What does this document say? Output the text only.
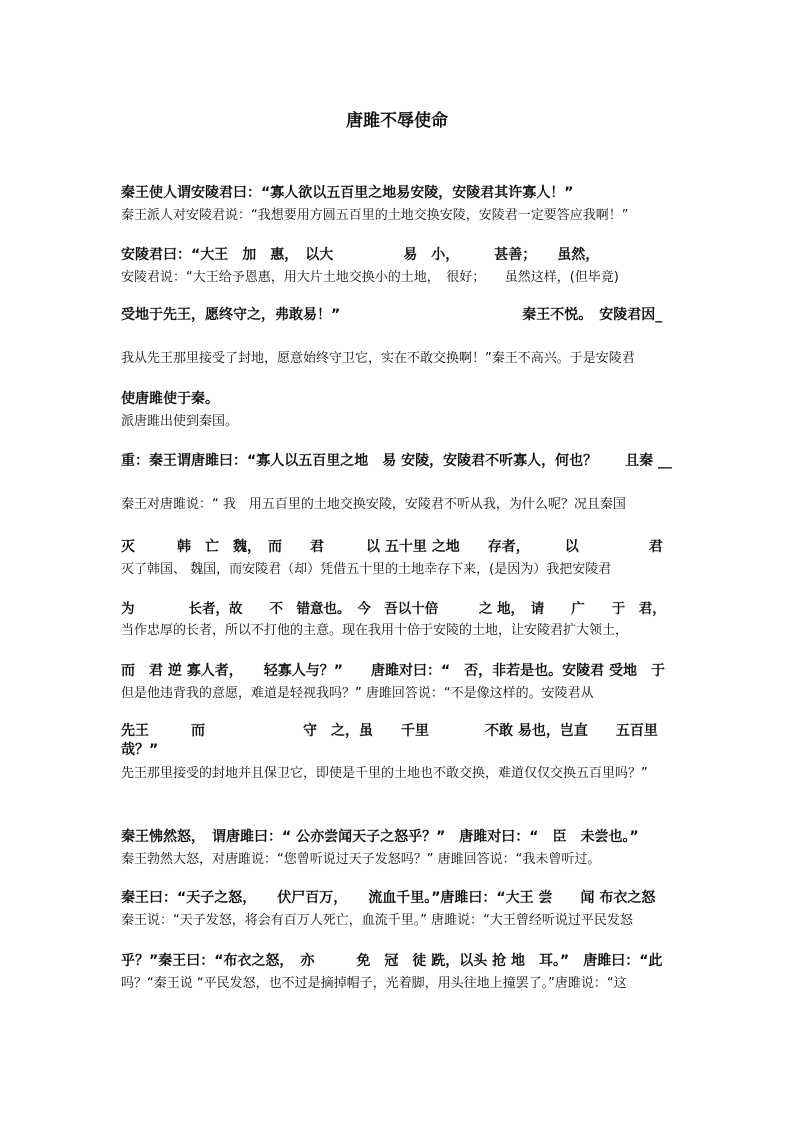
唐雎不辱使命
秦王使人谓安陵君曰：“寡人欲以五百里之地易安陵，安陵君其许寡人！”
秦王派人对安陵君说：“我想要用方圆五百里的土地交换安陵，安陵君一定要答应我啊！”
安陵君曰：“大王　加　惠，　以大　　　　　易　小，　　　甚善；　　虽然，
安陵君说：“大王给予恩惠，用大片土地交换小的土地，　很好；　　虽然这样，(但毕竟)
受地于先王，愿终守之，弗敢易！”　　　　　　　　　　　　　秦王不悦。　安陵君因_
我从先王那里接受了封地，愿意始终守卫它，实在不敢交换啊！”秦王不高兴。于是安陵君
使唐雎使于秦。
派唐雎出使到秦国。
重：秦王谓唐雎曰：“寡人以五百里之地　易 安陵，安陵君不听寡人，何也？　　且秦 __
秦王对唐雎说：“ 我　用五百里的土地交换安陵，安陵君不听从我，为什么呢？况且秦国
灭　　　韩　亡　魏，　而　　君　　　以 五十里 之地　　存者，　　　以　　　　　君
灭了韩国、 魏国，而安陵君（却）凭借五十里的土地幸存下来，(是因为）我把安陵君
为　　　　长者，故　　不　错意也。　今　吾以十倍　　　之 地，　请　　广　　于　君，
当作忠厚的长者，所以不打他的主意。现在我用十倍于安陵的土地，让安陵君扩大领土，
而　君 逆 寡人者，　　轻寡人与？”　　唐雎对曰：“　否，非若是也。安陵君 受地　于
但是他违背我的意愿，难道是轻视我吗？” 唐雎回答说：“不是像这样的。安陵君从
先王　　　而　　　　　　　守　之，虽　　千里　　　　不敢 易也，岂直　　五百里哉？”
先王那里接受的封地并且保卫它，即使是千里的土地也不敢交换，难道仅仅交换五百里吗？”
秦王怫然怒，　谓唐雎曰：“ 公亦尝闻天子之怒乎？”　唐雎对曰：“　臣　未尝也。”
秦王勃然大怒，对唐雎说：“您曾听说过天子发怒吗？” 唐雎回答说：“我未曾听过。
秦王曰：“天子之怒，　　伏尸百万，　　流血千里。”唐雎曰：“大王 尝　　闻 布衣之怒
秦王说：“天子发怒，将会有百万人死亡，血流千里。” 唐雎说：“大王曾经听说过平民发怒
乎？”秦王曰：“布衣之怒，　亦　　　免　冠　徒 跣，以头 抢 地　耳。”　唐雎曰：“此
吗？“秦王说 “平民发怒，也不过是摘掉帽子，光着脚，用头往地上撞罢了。”唐雎说：“这
